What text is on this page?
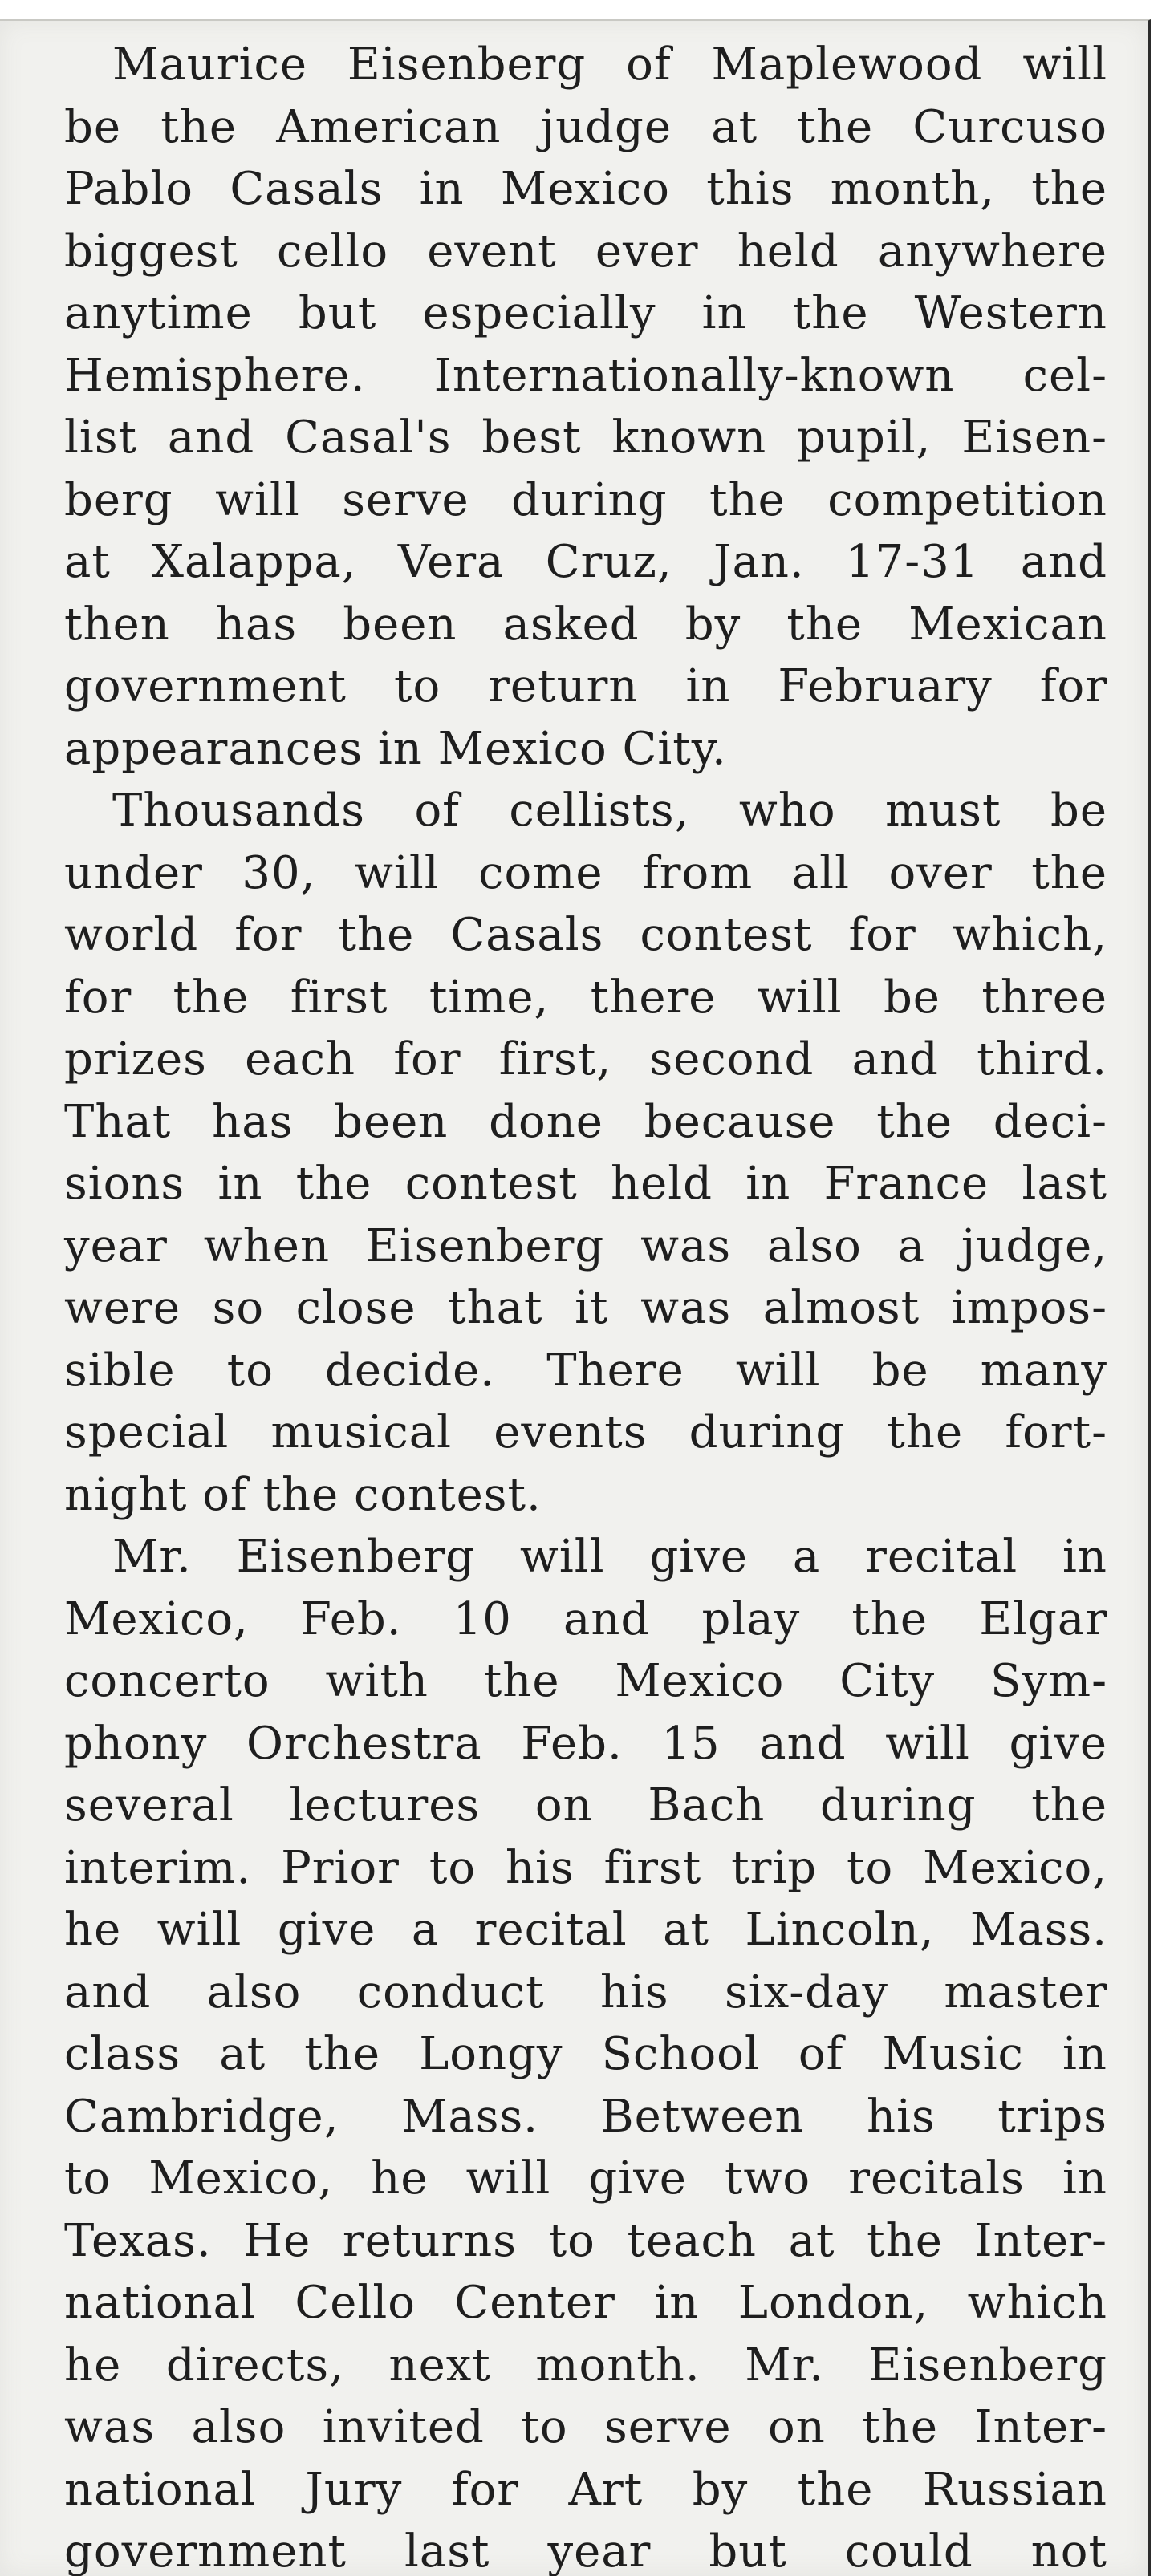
Maurice Eisenberg of Maplewood will
be the American judge at the Curcuso
Pablo Casals in Mexico this month, the
biggest cello event ever held anywhere
anytime but especially in the Western
Hemisphere. Internationally-known cel-
list and Casal's best known pupil, Eisen-
berg will serve during the competition
at Xalappa, Vera Cruz, Jan. 17-31 and
then has been asked by the Mexican
government to return in February for
appearances in Mexico City.
Thousands of cellists, who must be
under 30, will come from all over the
world for the Casals contest for which,
for the first time, there will be three
prizes each for first, second and third.
That has been done because the deci-
sions in the contest held in France last
year when Eisenberg was also a judge,
were so close that it was almost impos-
sible to decide. There will be many
special musical events during the fort-
night of the contest.
Mr. Eisenberg will give a recital in
Mexico, Feb. 10 and play the Elgar
concerto with the Mexico City Sym-
phony Orchestra Feb. 15 and will give
several lectures on Bach during the
interim. Prior to his first trip to Mexico,
he will give a recital at Lincoln, Mass.
and also conduct his six-day master
class at the Longy School of Music in
Cambridge, Mass. Between his trips
to Mexico, he will give two recitals in
Texas. He returns to teach at the Inter-
national Cello Center in London, which
he directs, next month. Mr. Eisenberg
was also invited to serve on the Inter-
national Jury for Art by the Russian
government last year but could not
